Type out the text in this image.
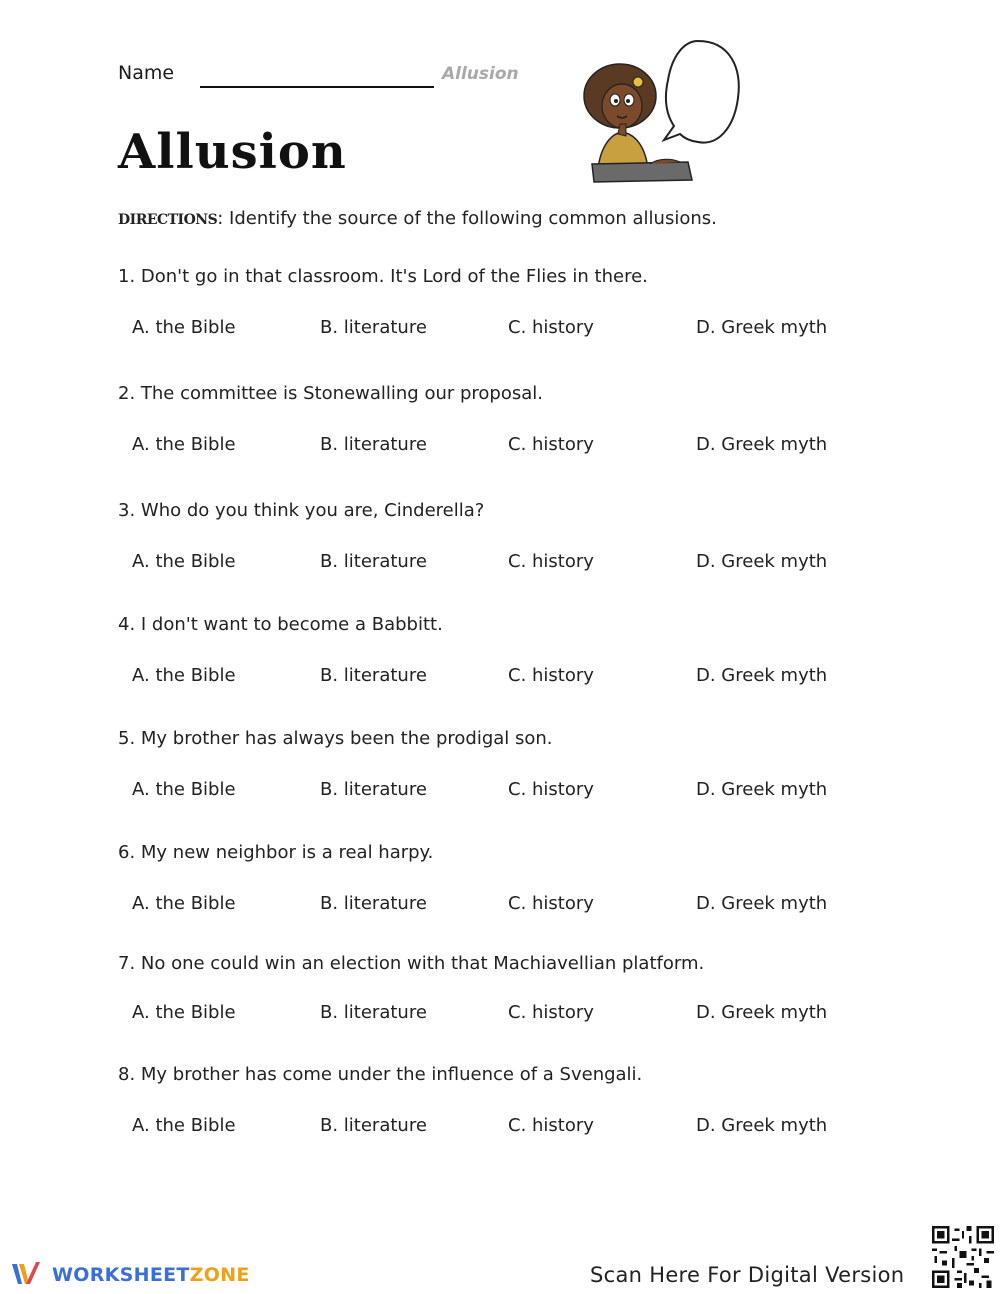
Name	Allusion
Allusion
DIRECTIONS: Identify the source of the following common allusions.
1. Don't go in that classroom. It's Lord of the Flies in there.
A. the Bible	B. literature	C. history	D. Greek myth
2. The committee is Stonewalling our proposal.
A. the Bible	B. literature	C. history	D. Greek myth
3. Who do you think you are, Cinderella?
A. the Bible	B. literature	C. history	D. Greek myth
4. I don't want to become a Babbitt.
A. the Bible	B. literature	C. history	D. Greek myth
5. My brother has always been the prodigal son.
A. the Bible	B. literature	C. history	D. Greek myth
6. My new neighbor is a real harpy.
A. the Bible	B. literature	C. history	D. Greek myth
7. No one could win an election with that Machiavellian platform.
A. the Bible	B. literature	C. history	D. Greek myth
8. My brother has come under the influence of a Svengali.
A. the Bible	B. literature	C. history	D. Greek myth
WORKSHEETZONE	Scan Here For Digital Version
